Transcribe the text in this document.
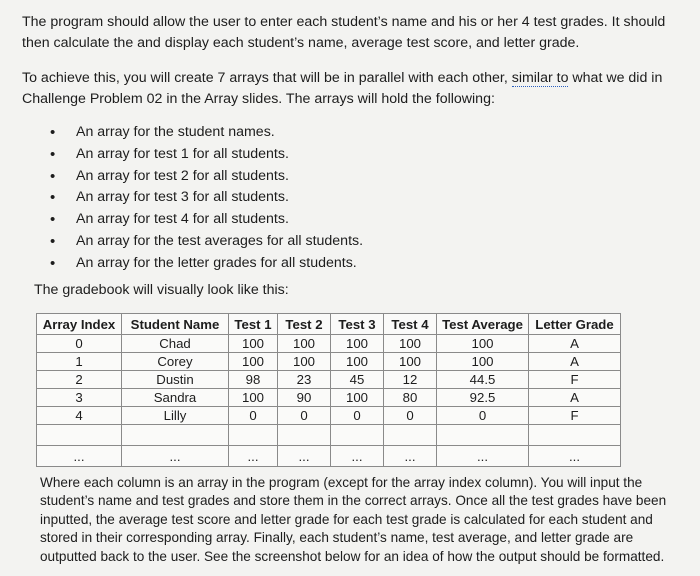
The program should allow the user to enter each student’s name and his or her 4 test grades. It should then calculate the and display each student’s name, average test score, and letter grade.
To achieve this, you will create 7 arrays that will be in parallel with each other, similar to what we did in Challenge Problem 02 in the Array slides. The arrays will hold the following:
• An array for the student names.
• An array for test 1 for all students.
• An array for test 2 for all students.
• An array for test 3 for all students.
• An array for test 4 for all students.
• An array for the test averages for all students.
• An array for the letter grades for all students.
The gradebook will visually look like this:
Array Index	Student Name	Test 1	Test 2	Test 3	Test 4	Test Average	Letter Grade
0	Chad	100	100	100	100	100	A
1	Corey	100	100	100	100	100	A
2	Dustin	98	23	45	12	44.5	F
3	Sandra	100	90	100	80	92.5	A
4	Lilly	0	0	0	0	0	F

...	...	...	...	...	...	...	...
Where each column is an array in the program (except for the array index column). You will input the student’s name and test grades and store them in the correct arrays. Once all the test grades have been inputted, the average test score and letter grade for each test grade is calculated for each student and stored in their corresponding array. Finally, each student’s name, test average, and letter grade are outputted back to the user. See the screenshot below for an idea of how the output should be formatted.
